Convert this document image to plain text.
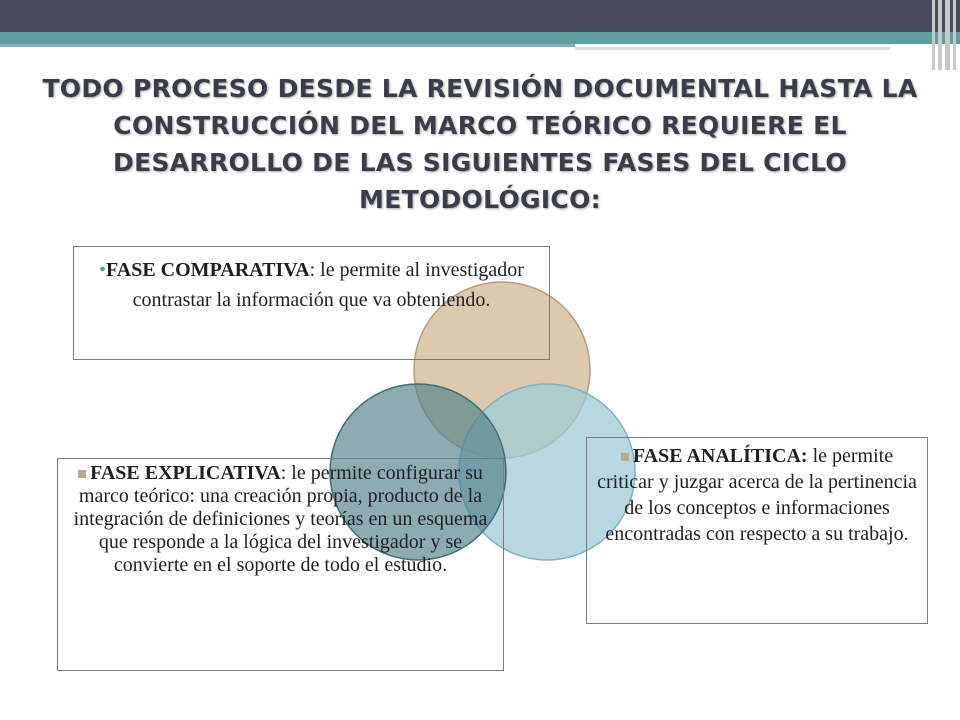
TODO PROCESO DESDE LA REVISIÓN DOCUMENTAL HASTA LA CONSTRUCCIÓN DEL MARCO TEÓRICO REQUIERE EL DESARROLLO DE LAS SIGUIENTES FASES DEL CICLO METODOLÓGICO:
•FASE COMPARATIVA: le permite al investigador contrastar la información que va obteniendo.
FASE EXPLICATIVA: le permite configurar su marco teórico: una creación propia, producto de la integración de definiciones y teorías en un esquema que responde a la lógica del investigador y se convierte en el soporte de todo el estudio.
FASE ANALÍTICA: le permite criticar y juzgar acerca de la pertinencia de los conceptos e informaciones encontradas con respecto a su trabajo.
